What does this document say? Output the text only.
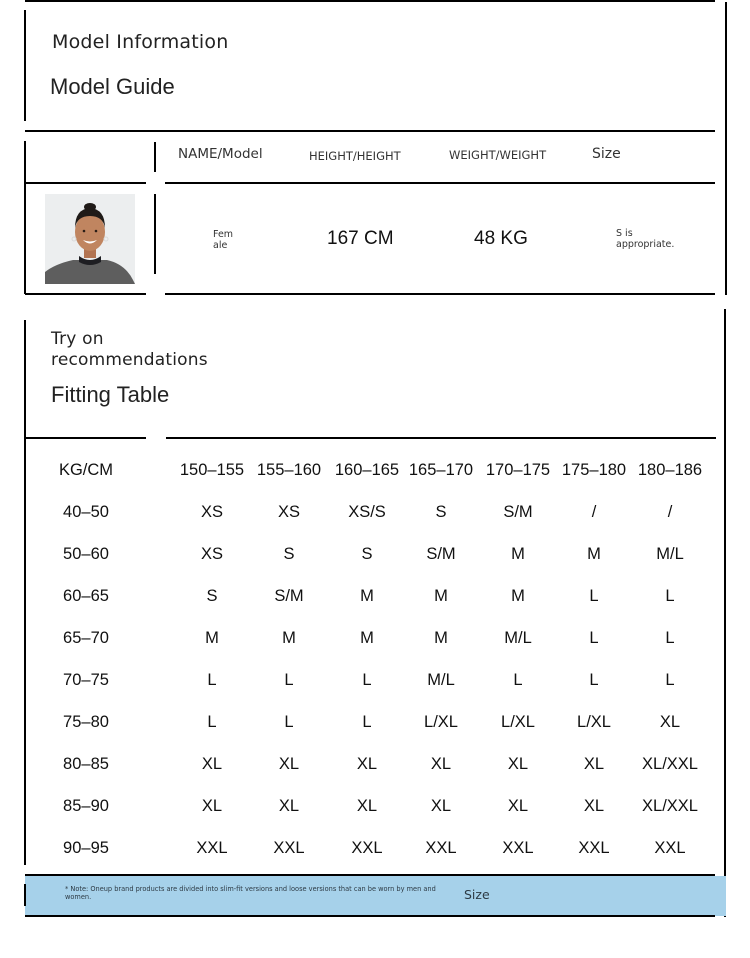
Model Information
Model Guide
NAME/Model	HEIGHT/HEIGHT	WEIGHT/WEIGHT	Size
Fem
ale	167 CM	48 KG	S is
appropriate.
Try on
recommendations
Fitting Table
KG/CM	150–155 155–160 160–165 165–170 170–175 175–180 180–186
40–50	XS	XS	XS/S	S	S/M	/	/
50–60	XS	S	S	S/M	M	M	M/L
60–65	S	S/M	M	M	M	L	L
65–70	M	M	M	M	M/L	L	L
70–75	L	L	L	M/L	L	L	L
75–80	L	L	L	L/XL	L/XL	L/XL	XL
80–85	XL	XL	XL	XL	XL	XL XL/XXL
85–90	XL	XL	XL	XL	XL	XL XL/XXL
90–95	XXL	XXL	XXL	XXL	XXL	XXL	XXL
* Note: Oneup brand products are divided into slim-fit versions and loose versions that can be worn by men and women.	Size
